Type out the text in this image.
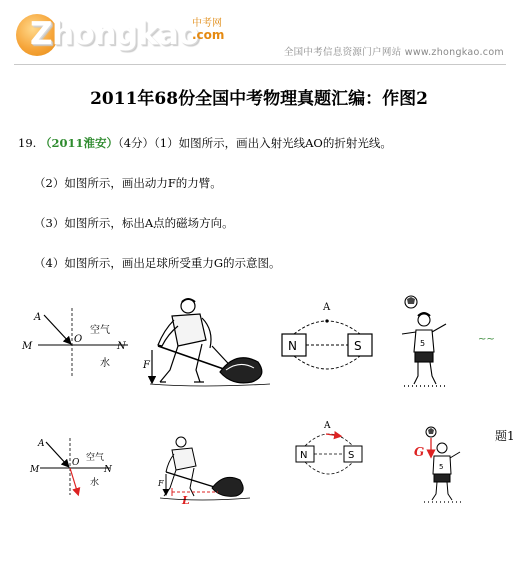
Zhongkao
中考网
.com
全国中考信息资源门户网站 www.zhongkao.com
2011年68份全国中考物理真题汇编：作图2
19. （2011淮安）（4分）（1）如图所示，画出入射光线AO的折射光线。
（2）如图所示，画出动力F的力臂。
（3）如图所示，标出A点的磁场方向。
（4）如图所示，画出足球所受重力G的示意图。
A
M
O
N
空气
水	F
N	S
A
5
A
M
O
N
空气
水	F
L
N	S
A
G
5
~~
题1
